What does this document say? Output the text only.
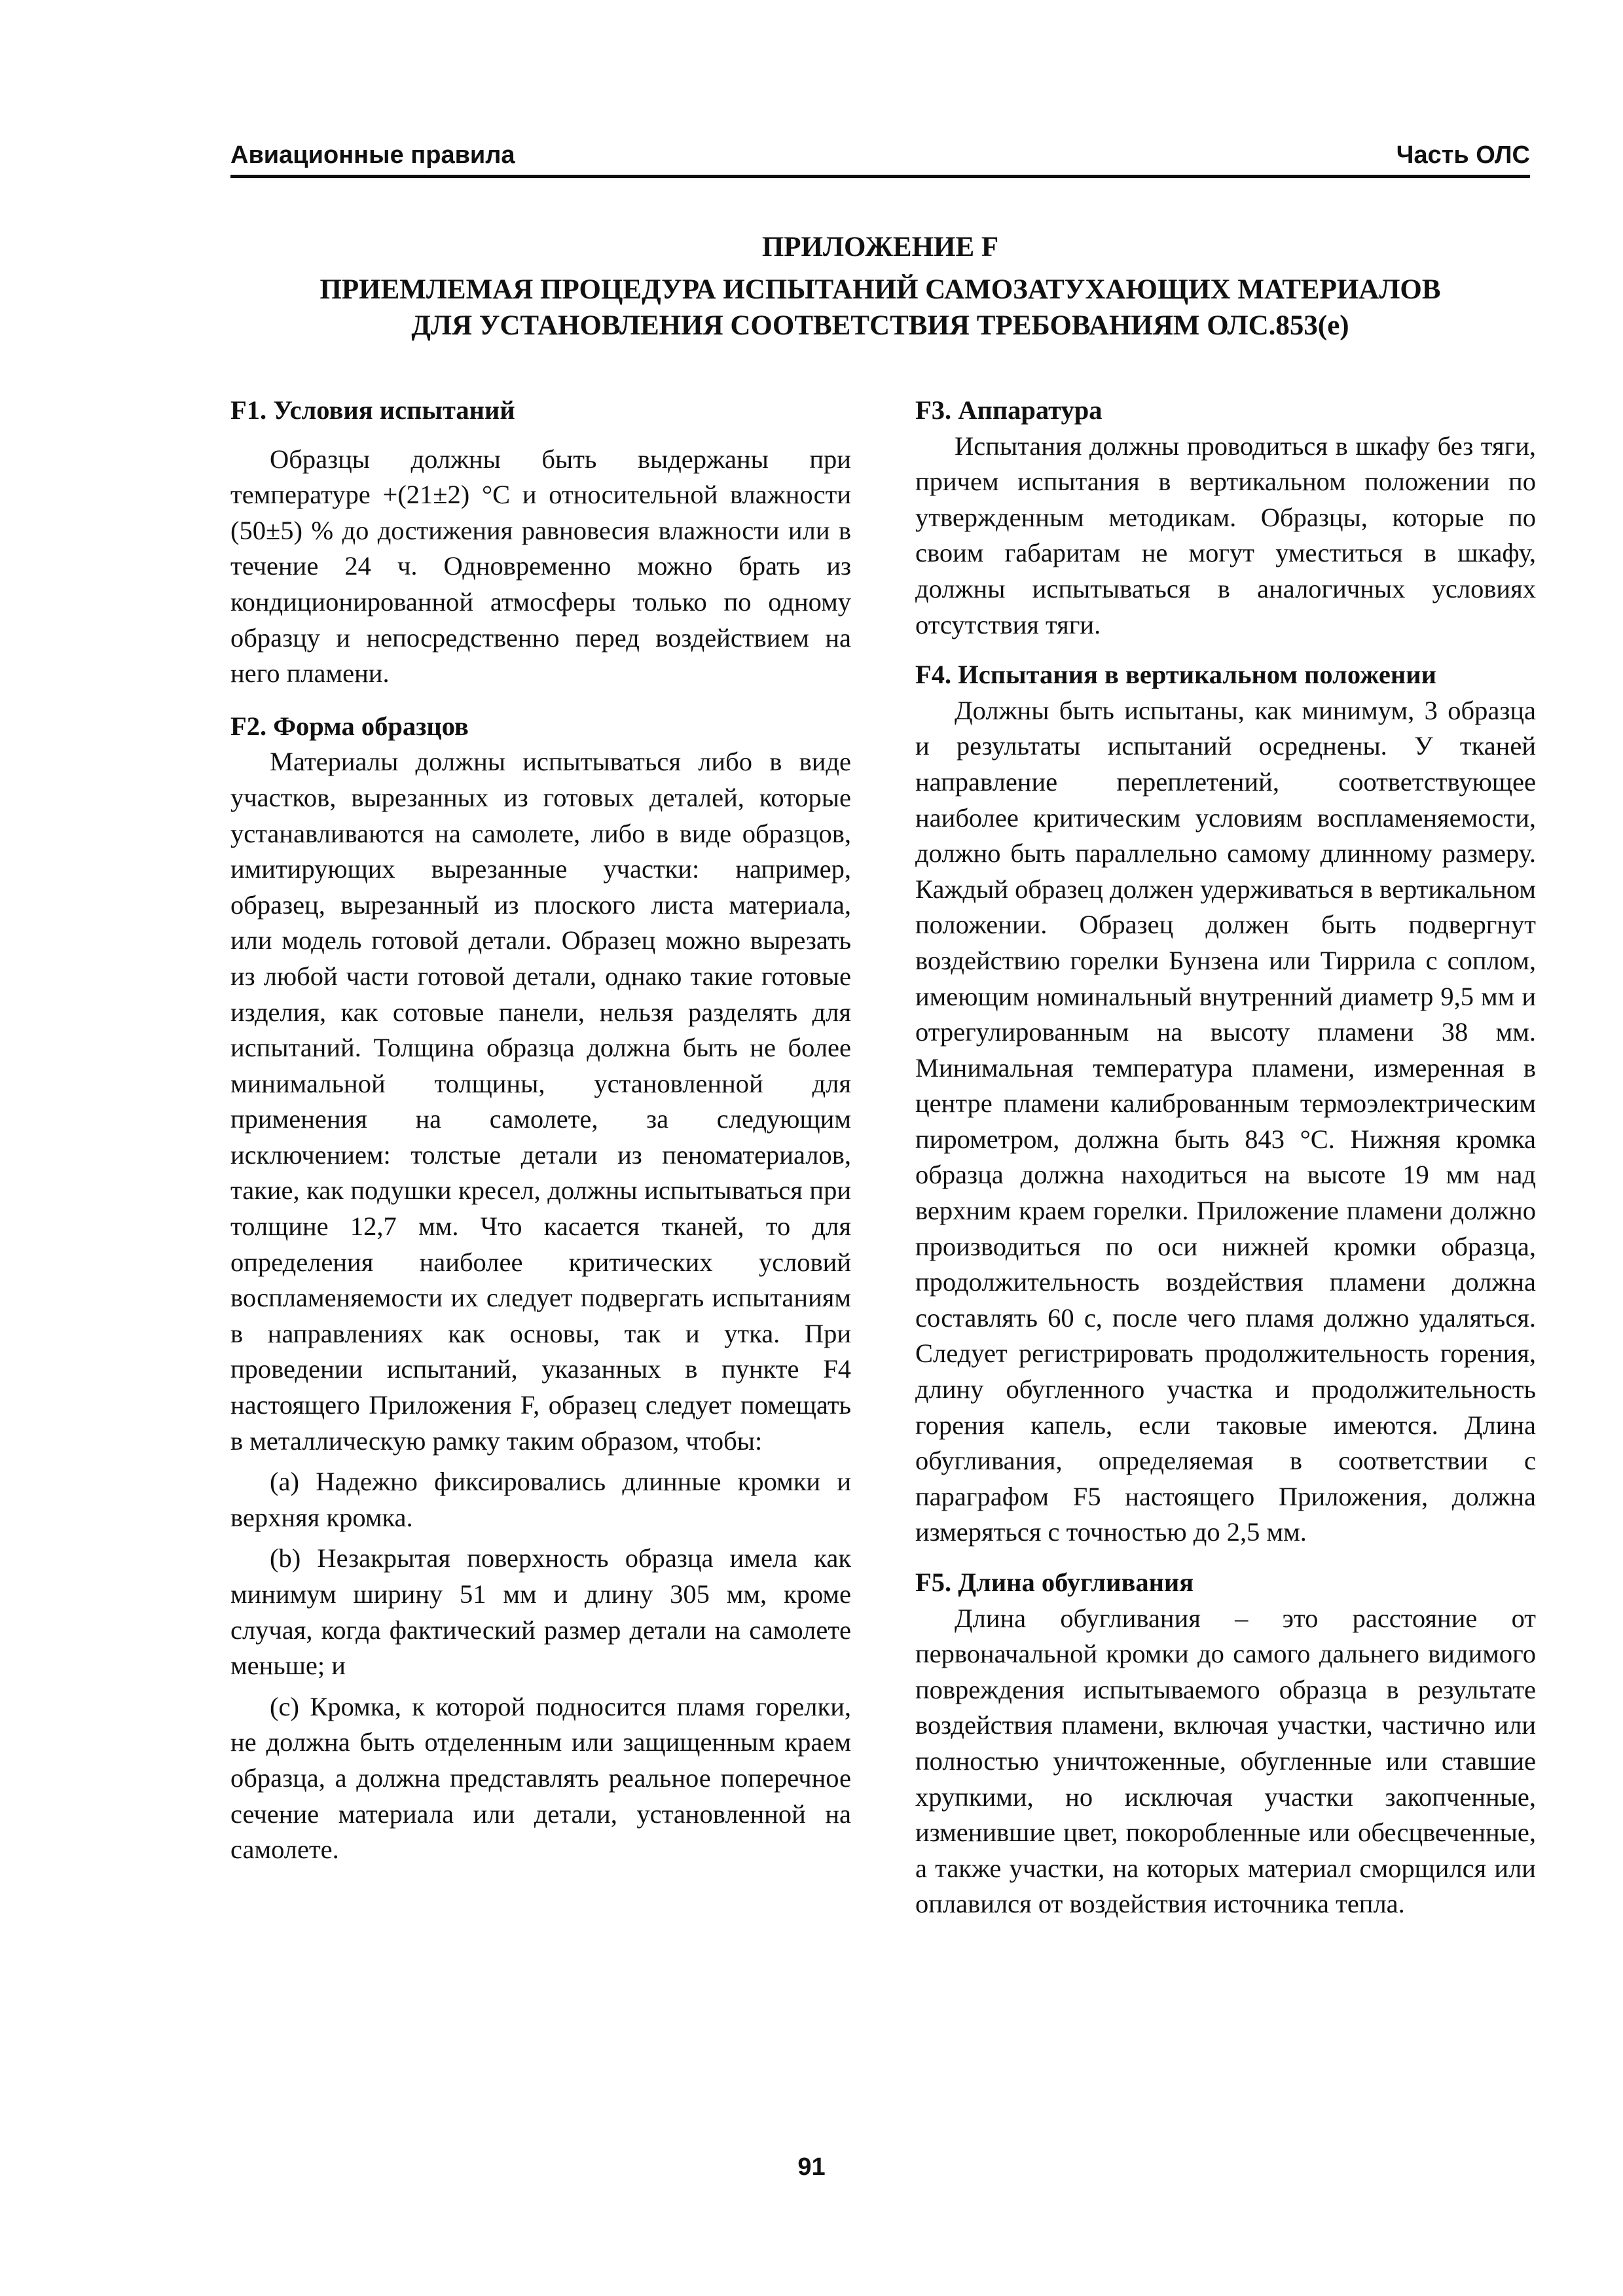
Авиационные правила	Часть ОЛС
ПРИЛОЖЕНИЕ F
ПРИЕМЛЕМАЯ ПРОЦЕДУРА ИСПЫТАНИЙ САМОЗАТУХАЮЩИХ МАТЕРИАЛОВ
ДЛЯ УСТАНОВЛЕНИЯ СООТВЕТСТВИЯ ТРЕБОВАНИЯМ ОЛС.853(е)
F1. Условия испытаний

Образцы должны быть выдержаны при температуре +(21±2) °С и относительной влажности (50±5) % до достижения равновесия влажности или в течение 24 ч. Одновременно можно брать из кондиционированной атмосферы только по одному образцу и непосредственно перед воздействием на него пламени.

F2. Форма образцов

Материалы должны испытываться либо в виде участков, вырезанных из готовых деталей, которые устанавливаются на самолете, либо в виде образцов, имитирующих вырезанные участки: например, образец, вырезанный из плоского листа материала, или модель готовой детали. Образец можно вырезать из любой части готовой детали, однако такие готовые изделия, как сотовые панели, нельзя разделять для испытаний. Толщина образца должна быть не более минимальной толщины, установленной для применения на самолете, за следующим исключением: толстые детали из пеноматериалов, такие, как подушки кресел, должны испытываться при толщине 12,7 мм. Что касается тканей, то для определения наиболее критических условий воспламеняемости их следует подвергать испытаниям в направлениях как основы, так и утка. При проведении испытаний, указанных в пункте F4 настоящего Приложения F, образец следует помещать в металлическую рамку таким образом, чтобы:

(a) Надежно фиксировались длинные кромки и верхняя кромка.

(b) Незакрытая поверхность образца имела как минимум ширину 51 мм и длину 305 мм, кроме случая, когда фактический размер детали на самолете меньше; и

(c) Кромка, к которой подносится пламя горелки, не должна быть отделенным или защищенным краем образца, а должна представлять реальное поперечное сечение материала или детали, установленной на самолете.

F3. Аппаратура

Испытания должны проводиться в шкафу без тяги, причем испытания в вертикальном положении по утвержденным методикам. Образцы, которые по своим габаритам не могут уместиться в шкафу, должны испытываться в аналогичных условиях отсутствия тяги.

F4. Испытания в вертикальном положении

Должны быть испытаны, как минимум, 3 образца и результаты испытаний осреднены. У тканей направление переплетений, соответствующее наиболее критическим условиям воспламеняемости, должно быть параллельно самому длинному размеру. Каждый образец должен удерживаться в вертикальном положении. Образец должен быть подвергнут воздействию горелки Бунзена или Тиррила с соплом, имеющим номинальный внутренний диаметр 9,5 мм и отрегулированным на высоту пламени 38 мм. Минимальная температура пламени, измеренная в центре пламени калиброванным термоэлектрическим пирометром, должна быть 843 °С. Нижняя кромка образца должна находиться на высоте 19 мм над верхним краем горелки. Приложение пламени должно производиться по оси нижней кромки образца, продолжительность воздействия пламени должна составлять 60 с, после чего пламя должно удаляться. Следует регистрировать продолжительность горения, длину обугленного участка и продолжительность горения капель, если таковые имеются. Длина обугливания, определяемая в соответствии с параграфом F5 настоящего Приложения, должна измеряться с точностью до 2,5 мм.

F5. Длина обугливания

Длина обугливания – это расстояние от первоначальной кромки до самого дальнего видимого повреждения испытываемого образца в результате воздействия пламени, включая участки, частично или полностью уничтоженные, обугленные или ставшие хрупкими, но исключая участки закопченные, изменившие цвет, покоробленные или обесцвеченные, а также участки, на которых материал сморщился или оплавился от воздействия источника тепла.

91
